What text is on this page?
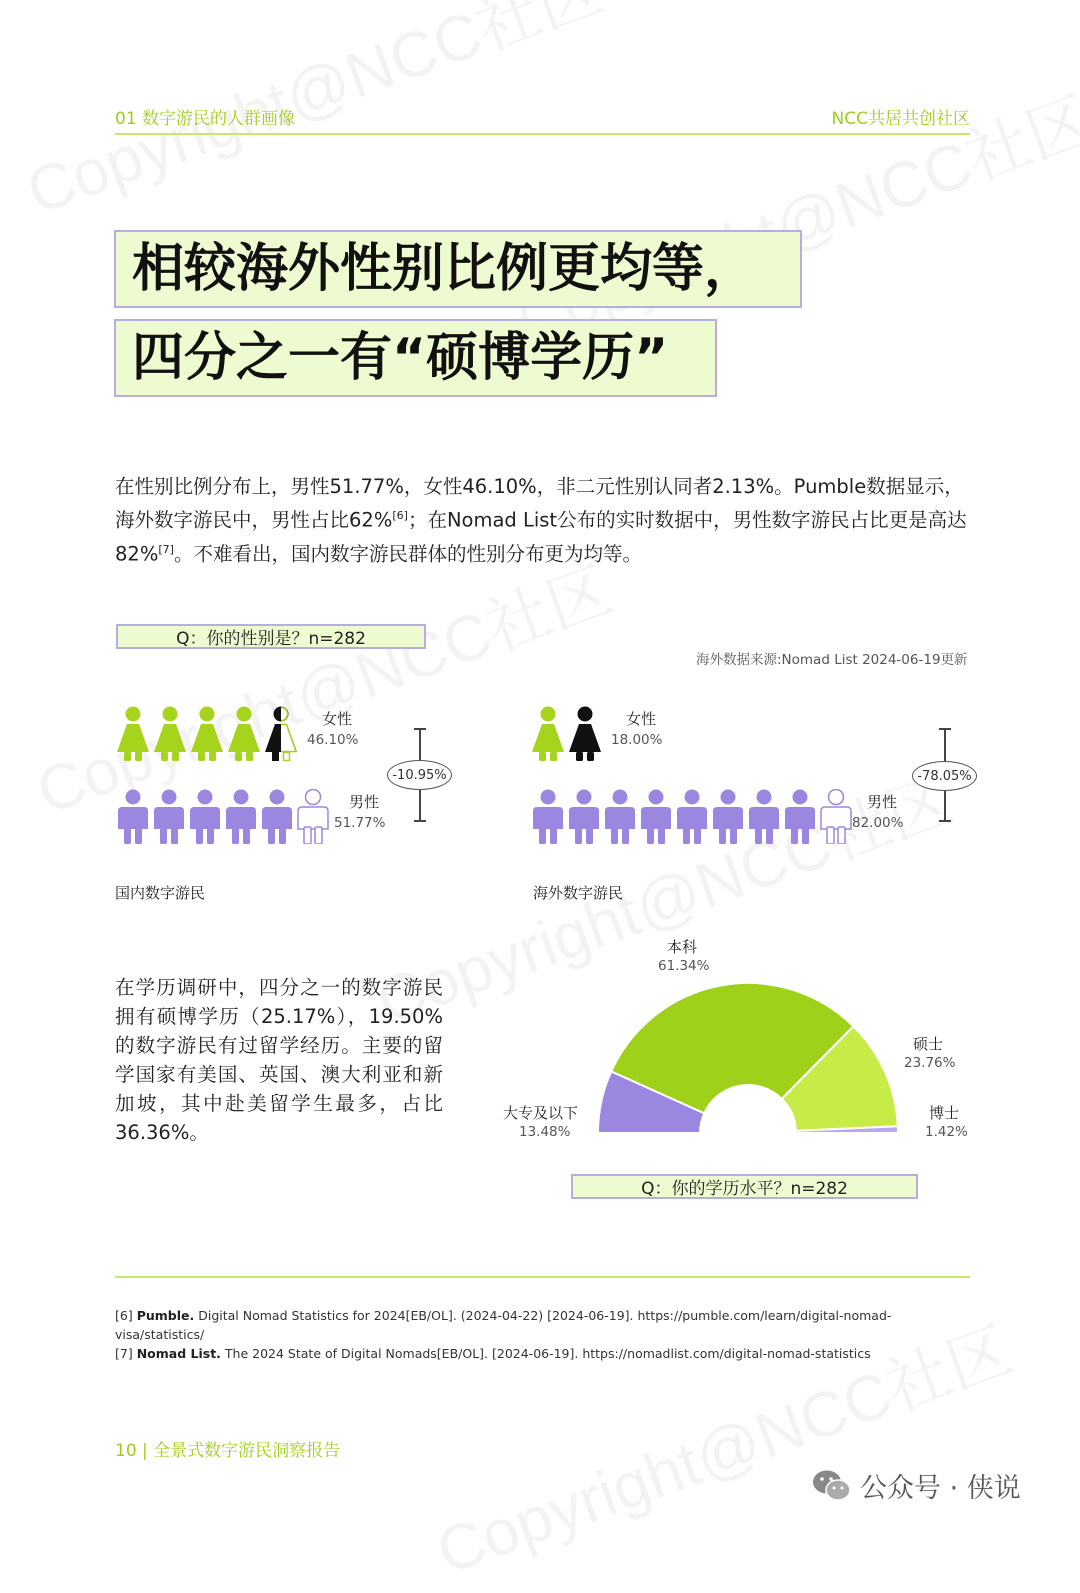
01 数字游民的人群画像	NCC共居共创社区
相较海外性别比例更均等，
四分之一有“硕博学历”
在性别比例分布上，男性51.77%，女性46.10%，非二元性别认同者2.13%。Pumble数据显示，海外数字游民中，男性占比62%[6]；在Nomad List公布的实时数据中，男性数字游民占比更是高达82%[7]。不难看出，国内数字游民群体的性别分布更为均等。
Q：你的性别是？n=282
海外数据来源:Nomad List 2024-06-19更新
女性
46.10%
男性
51.77%
-10.95%
国内数字游民
女性
18.00%
男性
82.00%
-78.05%
海外数字游民
在学历调研中，四分之一的数字游民拥有硕博学历（25.17%），19.50%的数字游民有过留学经历。主要的留学国家有美国、英国、澳大利亚和新加坡，其中赴美留学生最多，占比36.36%。
本科
61.34%
硕士
23.76%
大专及以下
13.48%
博士
1.42%
Q：你的学历水平？n=282
[6] Pumble. Digital Nomad Statistics for 2024[EB/OL]. (2024-04-22) [2024-06-19]. https://pumble.com/learn/digital-nomad-visa/statistics/
[7] Nomad List. The 2024 State of Digital Nomads[EB/OL]. [2024-06-19]. https://nomadlist.com/digital-nomad-statistics
10 | 全景式数字游民洞察报告
公众号 · 侠说
